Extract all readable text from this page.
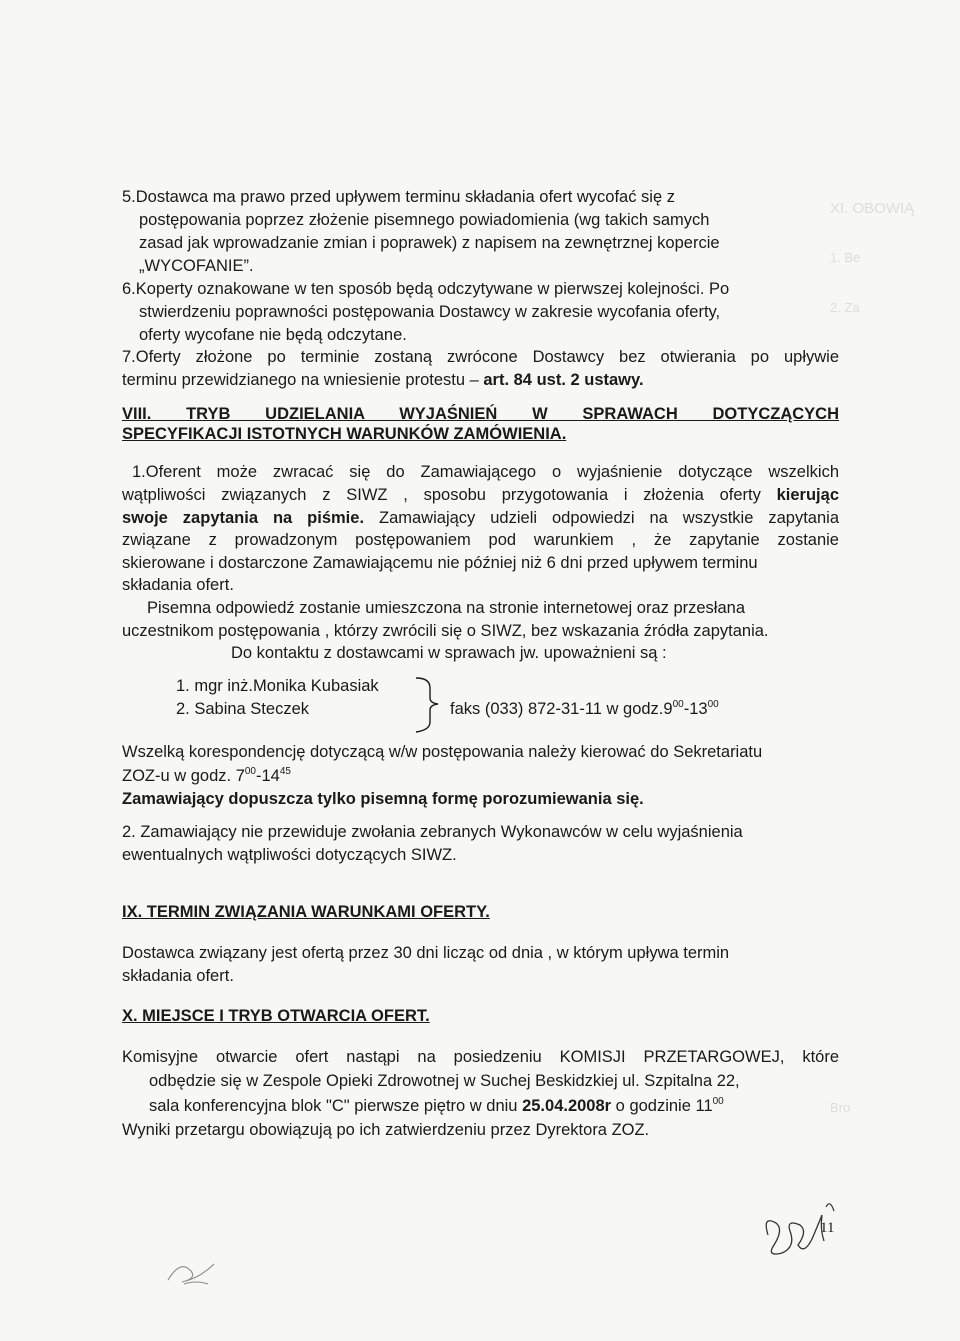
XI. OBOWIĄ
1. Be
2. Za
Bro
5.Dostawca ma prawo przed upływem terminu składania ofert wycofać się z
postępowania poprzez złożenie pisemnego powiadomienia (wg takich samych
zasad jak wprowadzanie zmian i poprawek) z napisem na zewnętrznej kopercie
„WYCOFANIE”.
6.Koperty oznakowane w ten sposób będą odczytywane w pierwszej kolejności. Po
stwierdzeniu poprawności postępowania Dostawcy w zakresie wycofania oferty,
oferty wycofane nie będą odczytane.
7.Oferty złożone po terminie zostaną zwrócone Dostawcy bez otwierania po upływie
terminu przewidzianego na wniesienie protestu – art. 84 ust. 2 ustawy.
VIII. TRYB UDZIELANIA WYJAŚNIEŃ W SPRAWACH DOTYCZĄCYCH
SPECYFIKACJI ISTOTNYCH WARUNKÓW ZAMÓWIENIA.
1.Oferent może zwracać się do Zamawiającego o wyjaśnienie dotyczące wszelkich
wątpliwości związanych z SIWZ , sposobu przygotowania i złożenia oferty kierując
swoje zapytania na piśmie. Zamawiający udzieli odpowiedzi na wszystkie zapytania
związane z prowadzonym postępowaniem pod warunkiem , że zapytanie zostanie
skierowane i dostarczone Zamawiającemu nie później niż 6 dni przed upływem terminu
składania ofert.
Pisemna odpowiedź zostanie umieszczona na stronie internetowej oraz przesłana
uczestnikom postępowania , którzy zwrócili się o SIWZ, bez wskazania źródła zapytania.
Do kontaktu z dostawcami w sprawach jw. upoważnieni są :
1. mgr inż.Monika Kubasiak
2. Sabina Steczek	faks (033) 872-31-11 w $godz.9^{00}-13^{00}$
Wszelką korespondencję dotyczącą w/w postępowania należy kierować do Sekretariatu
ZOZ-u w godz. $7^{00}-14^{45}$
Zamawiający dopuszcza tylko pisemną formę porozumiewania się.
2. Zamawiający nie przewiduje zwołania zebranych Wykonawców w celu wyjaśnienia
ewentualnych wątpliwości dotyczących SIWZ.
IX. TERMIN ZWIĄZANIA WARUNKAMI OFERTY.
Dostawca związany jest ofertą przez 30 dni licząc od dnia , w którym upływa termin
składania ofert.
X. MIEJSCE I TRYB OTWARCIA OFERT.
Komisyjne otwarcie ofert nastąpi na posiedzeniu KOMISJI PRZETARGOWEJ, które
odbędzie się w Zespole Opieki Zdrowotnej w Suchej Beskidzkiej ul. Szpitalna 22,
sala konferencyjna blok "C" pierwsze piętro w dniu 25.04.2008r o godzinie $11^{00}$
Wyniki przetargu obowiązują po ich zatwierdzeniu przez Dyrektora ZOZ.
11
